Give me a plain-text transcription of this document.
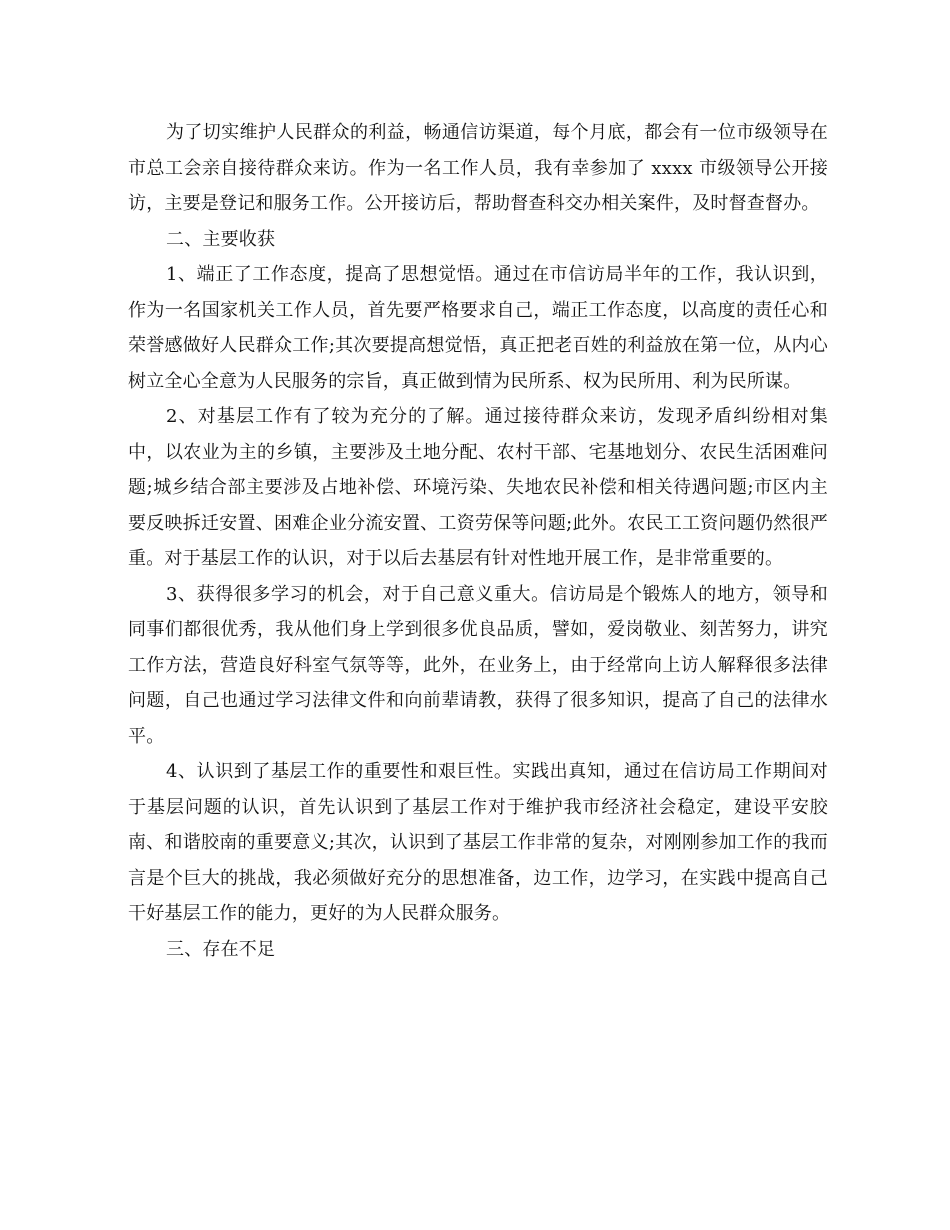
为了切实维护人民群众的利益，畅通信访渠道，每个月底，都会有一位市级领导在市总工会亲自接待群众来访。作为一名工作人员，我有幸参加了 xxxx 市级领导公开接访，主要是登记和服务工作。公开接访后，帮助督查科交办相关案件，及时督查督办。

二、主要收获

1、端正了工作态度，提高了思想觉悟。通过在市信访局半年的工作，我认识到，作为一名国家机关工作人员，首先要严格要求自己，端正工作态度，以高度的责任心和荣誉感做好人民群众工作;其次要提高想觉悟，真正把老百姓的利益放在第一位，从内心树立全心全意为人民服务的宗旨，真正做到情为民所系、权为民所用、利为民所谋。

2、对基层工作有了较为充分的了解。通过接待群众来访，发现矛盾纠纷相对集中，以农业为主的乡镇，主要涉及土地分配、农村干部、宅基地划分、农民生活困难问题;城乡结合部主要涉及占地补偿、环境污染、失地农民补偿和相关待遇问题;市区内主要反映拆迁安置、困难企业分流安置、工资劳保等问题;此外。农民工工资问题仍然很严重。对于基层工作的认识，对于以后去基层有针对性地开展工作，是非常重要的。

3、获得很多学习的机会，对于自己意义重大。信访局是个锻炼人的地方，领导和同事们都很优秀，我从他们身上学到很多优良品质，譬如，爱岗敬业、刻苦努力，讲究工作方法，营造良好科室气氛等等，此外，在业务上，由于经常向上访人解释很多法律问题，自己也通过学习法律文件和向前辈请教，获得了很多知识，提高了自己的法律水平。

4、认识到了基层工作的重要性和艰巨性。实践出真知，通过在信访局工作期间对于基层问题的认识，首先认识到了基层工作对于维护我市经济社会稳定，建设平安胶南、和谐胶南的重要意义;其次，认识到了基层工作非常的复杂，对刚刚参加工作的我而言是个巨大的挑战，我必须做好充分的思想准备，边工作，边学习，在实践中提高自己干好基层工作的能力，更好的为人民群众服务。

三、存在不足
